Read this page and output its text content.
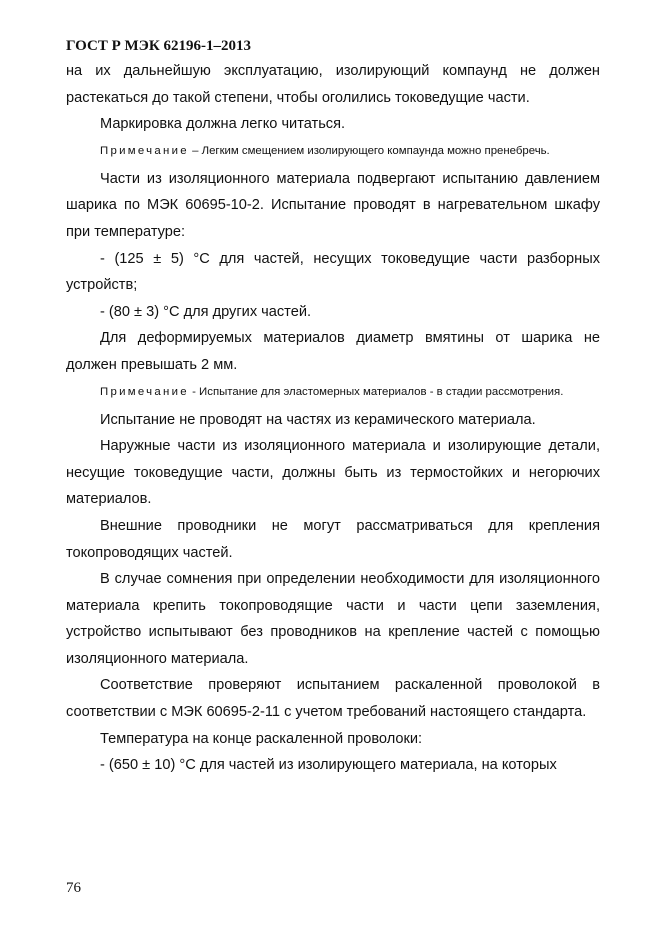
ГОСТ Р МЭК 62196-1–2013

на их дальнейшую эксплуатацию, изолирующий компаунд не должен растекаться до такой степени, чтобы оголились токоведущие части.

Маркировка должна легко читаться.

Примечание – Легким смещением изолирующего компаунда можно пренебречь.

Части из изоляционного материала подвергают испытанию давлением шарика по МЭК 60695-10-2. Испытание проводят в нагревательном шкафу при температуре:

- (125 ± 5) °С для частей, несущих токоведущие части разборных устройств;

- (80 ± 3) °С для других частей.

Для деформируемых материалов диаметр вмятины от шарика не должен превышать 2 мм.

Примечание - Испытание для эластомерных материалов - в стадии рассмотрения.

Испытание не проводят на частях из керамического материала.

Наружные части из изоляционного материала и изолирующие детали, несущие токоведущие части, должны быть из термостойких и негорючих материалов.

Внешние проводники не могут рассматриваться для крепления токопроводящих частей.

В случае сомнения при определении необходимости для изоляционного материала крепить токопроводящие части и части цепи заземления, устройство испытывают без проводников на крепление частей с помощью изоляционного материала.

Соответствие проверяют испытанием раскаленной проволокой в соответствии с МЭК 60695-2-11 с учетом требований настоящего стандарта.

Температура на конце раскаленной проволоки:

- (650 ± 10) °С для частей из изолирующего материала, на которых

76
